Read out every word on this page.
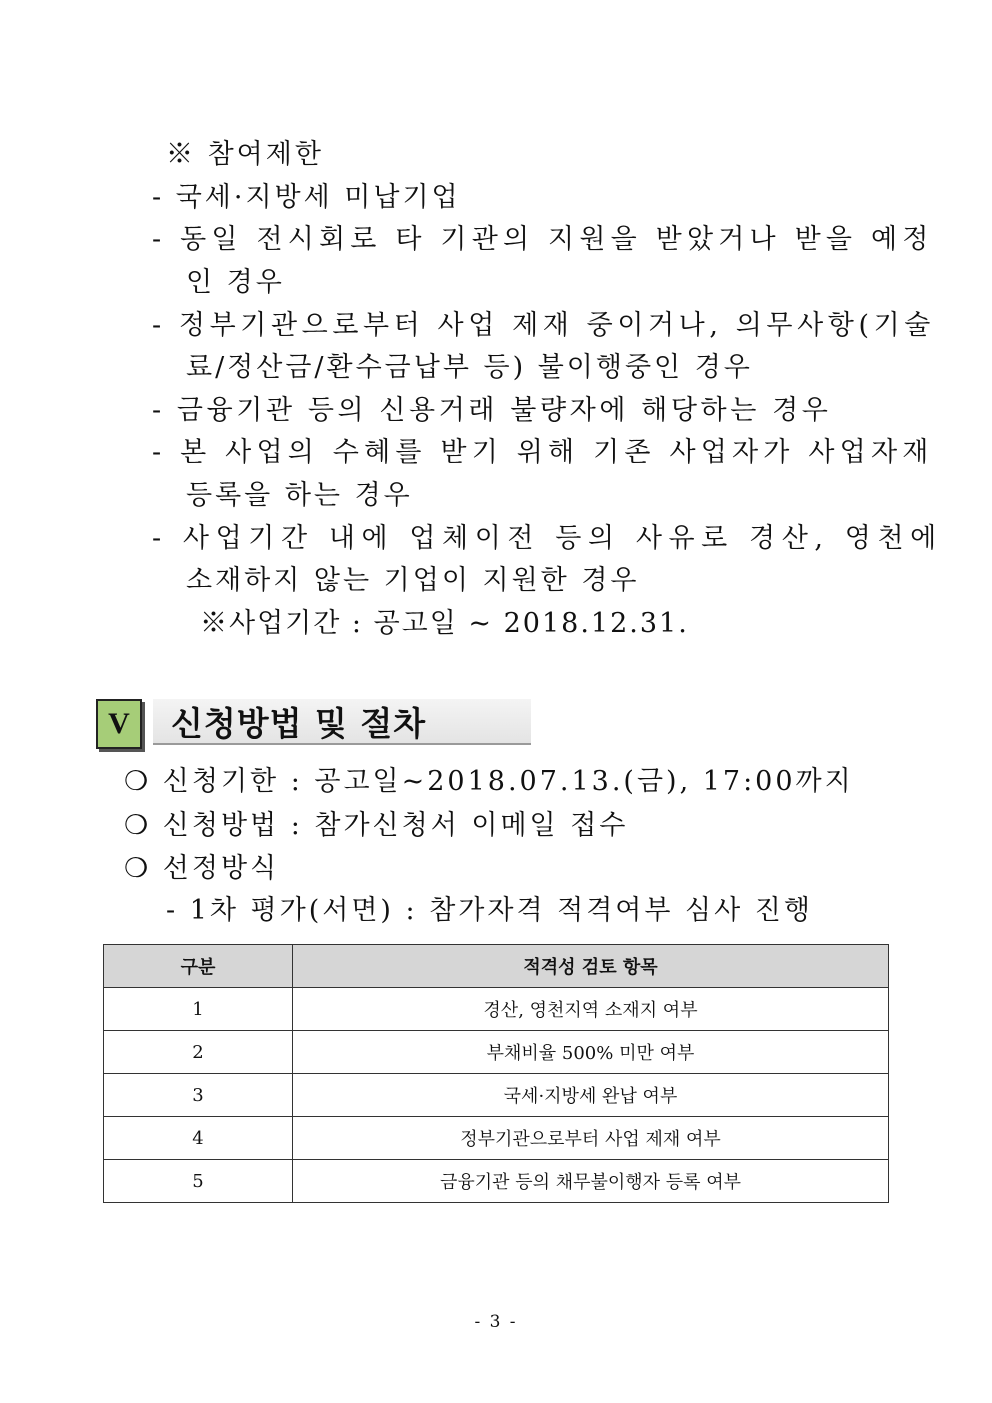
※ 참여제한
- 국세·지방세 미납기업
- 동일 전시회로 타 기관의 지원을 받았거나 받을 예정
인 경우
- 정부기관으로부터 사업 제재 중이거나, 의무사항(기술
료/정산금/환수금납부 등) 불이행중인 경우
- 금융기관 등의 신용거래 불량자에 해당하는 경우
- 본 사업의 수혜를 받기 위해 기존 사업자가 사업자재
등록을 하는 경우
- 사업기간 내에 업체이전 등의 사유로 경산, 영천에
소재하지 않는 기업이 지원한 경우
※사업기간 : 공고일 ~ 2018.12.31.
V	신청방법 및 절차
❍ 신청기한 : 공고일~2018.07.13.(금), 17:00까지
❍ 신청방법 : 참가신청서 이메일 접수
❍ 선정방식
- 1차 평가(서면) : 참가자격 적격여부 심사 진행
구분	적격성 검토 항목
1	경산, 영천지역 소재지 여부
2	부채비율 500% 미만 여부
3	국세·지방세 완납 여부
4	정부기관으로부터 사업 제재 여부
5	금융기관 등의 채무불이행자 등록 여부
- 3 -
